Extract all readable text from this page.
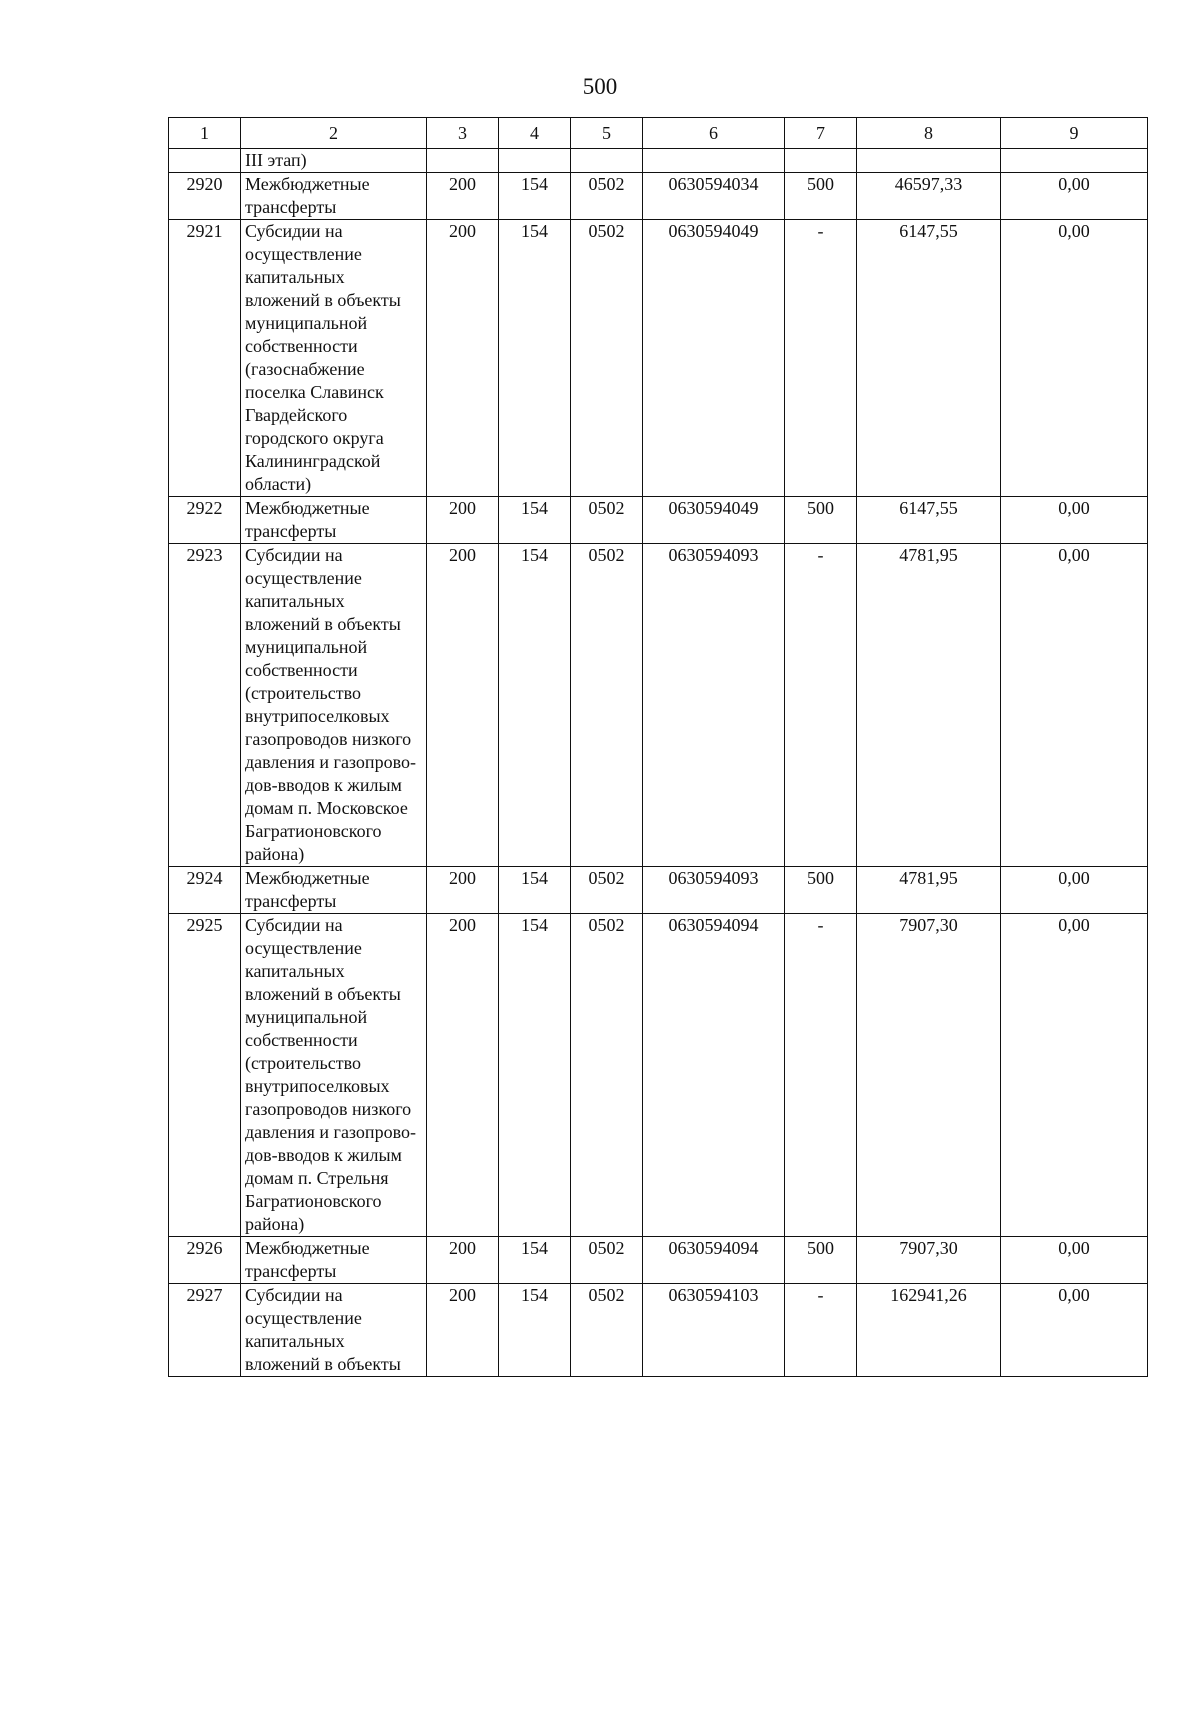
500
1	2	3	4	5	6	7	8	9
	III этап)							
2920	Межбюджетные трансферты	200	154	0502	0630594034	500	46597,33	0,00
2921	Субсидии на осуществление капитальных вложений в объекты муниципальной собственности (газоснабжение поселка Славинск Гвардейского городского округа Калининградской области)	200	154	0502	0630594049	-	6147,55	0,00
2922	Межбюджетные трансферты	200	154	0502	0630594049	500	6147,55	0,00
2923	Субсидии на осуществление капитальных вложений в объекты муниципальной собственности (строительство внутрипоселковых газопроводов низкого давления и газопрово-дов-вводов к жилым домам п. Московское Багратионовского района)	200	154	0502	0630594093	-	4781,95	0,00
2924	Межбюджетные трансферты	200	154	0502	0630594093	500	4781,95	0,00
2925	Субсидии на осуществление капитальных вложений в объекты муниципальной собственности (строительство внутрипоселковых газопроводов низкого давления и газопрово-дов-вводов к жилым домам п. Стрельня Багратионовского района)	200	154	0502	0630594094	-	7907,30	0,00
2926	Межбюджетные трансферты	200	154	0502	0630594094	500	7907,30	0,00
2927	Субсидии на осуществление капитальных вложений в объекты	200	154	0502	0630594103	-	162941,26	0,00
